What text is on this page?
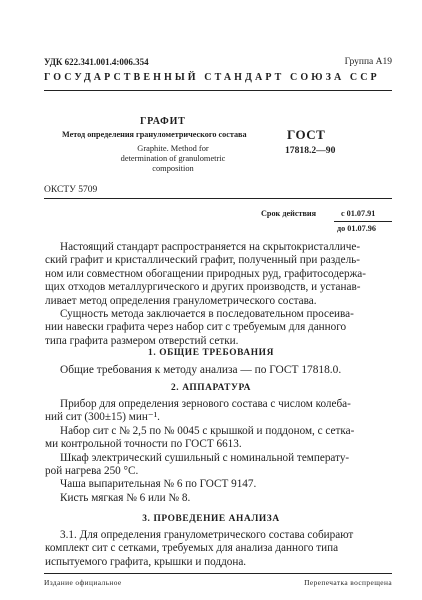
УДК 622.341.001.4:006.354	Группа А19
ГОСУДАРСТВЕННЫЙ СТАНДАРТ СОЮЗА ССР
ГРАФИТ
Метод определения гранулометрического состава
Graphite. Method for
determination of granulometric
composition
ГОСТ
17818.2—90
ОКСТУ 5709
Срок действия	с 01.07.91
до 01.07.96
Настоящий стандарт распространяется на скрытокристалличе-
ский графит и кристаллический графит, полученный при раздель-
ном или совместном обогащении природных руд, графитосодержа-
щих отходов металлургического и других производств, и устанав-
ливает метод определения гранулометрического состава.
Сущность метода заключается в последовательном просеива-
нии навески графита через набор сит с требуемым для данного
типа графита размером отверстий сетки.
1. ОБЩИЕ ТРЕБОВАНИЯ
Общие требования к методу анализа — по ГОСТ 17818.0.
2. АППАРАТУРА
Прибор для определения зернового состава с числом колеба-
ний сит (300±15) мин⁻¹.
Набор сит с № 2,5 по № 0045 с крышкой и поддоном, с сетка-
ми контрольной точности по ГОСТ 6613.
Шкаф электрический сушильный с номинальной температу-
рой нагрева 250 °С.
Чаша выпарительная № 6 по ГОСТ 9147.
Кисть мягкая № 6 или № 8.
3. ПРОВЕДЕНИЕ АНАЛИЗА
3.1. Для определения гранулометрического состава собирают
комплект сит с сетками, требуемых для анализа данного типа
испытуемого графита, крышки и поддона.
Издание официальное	Перепечатка воспрещена
